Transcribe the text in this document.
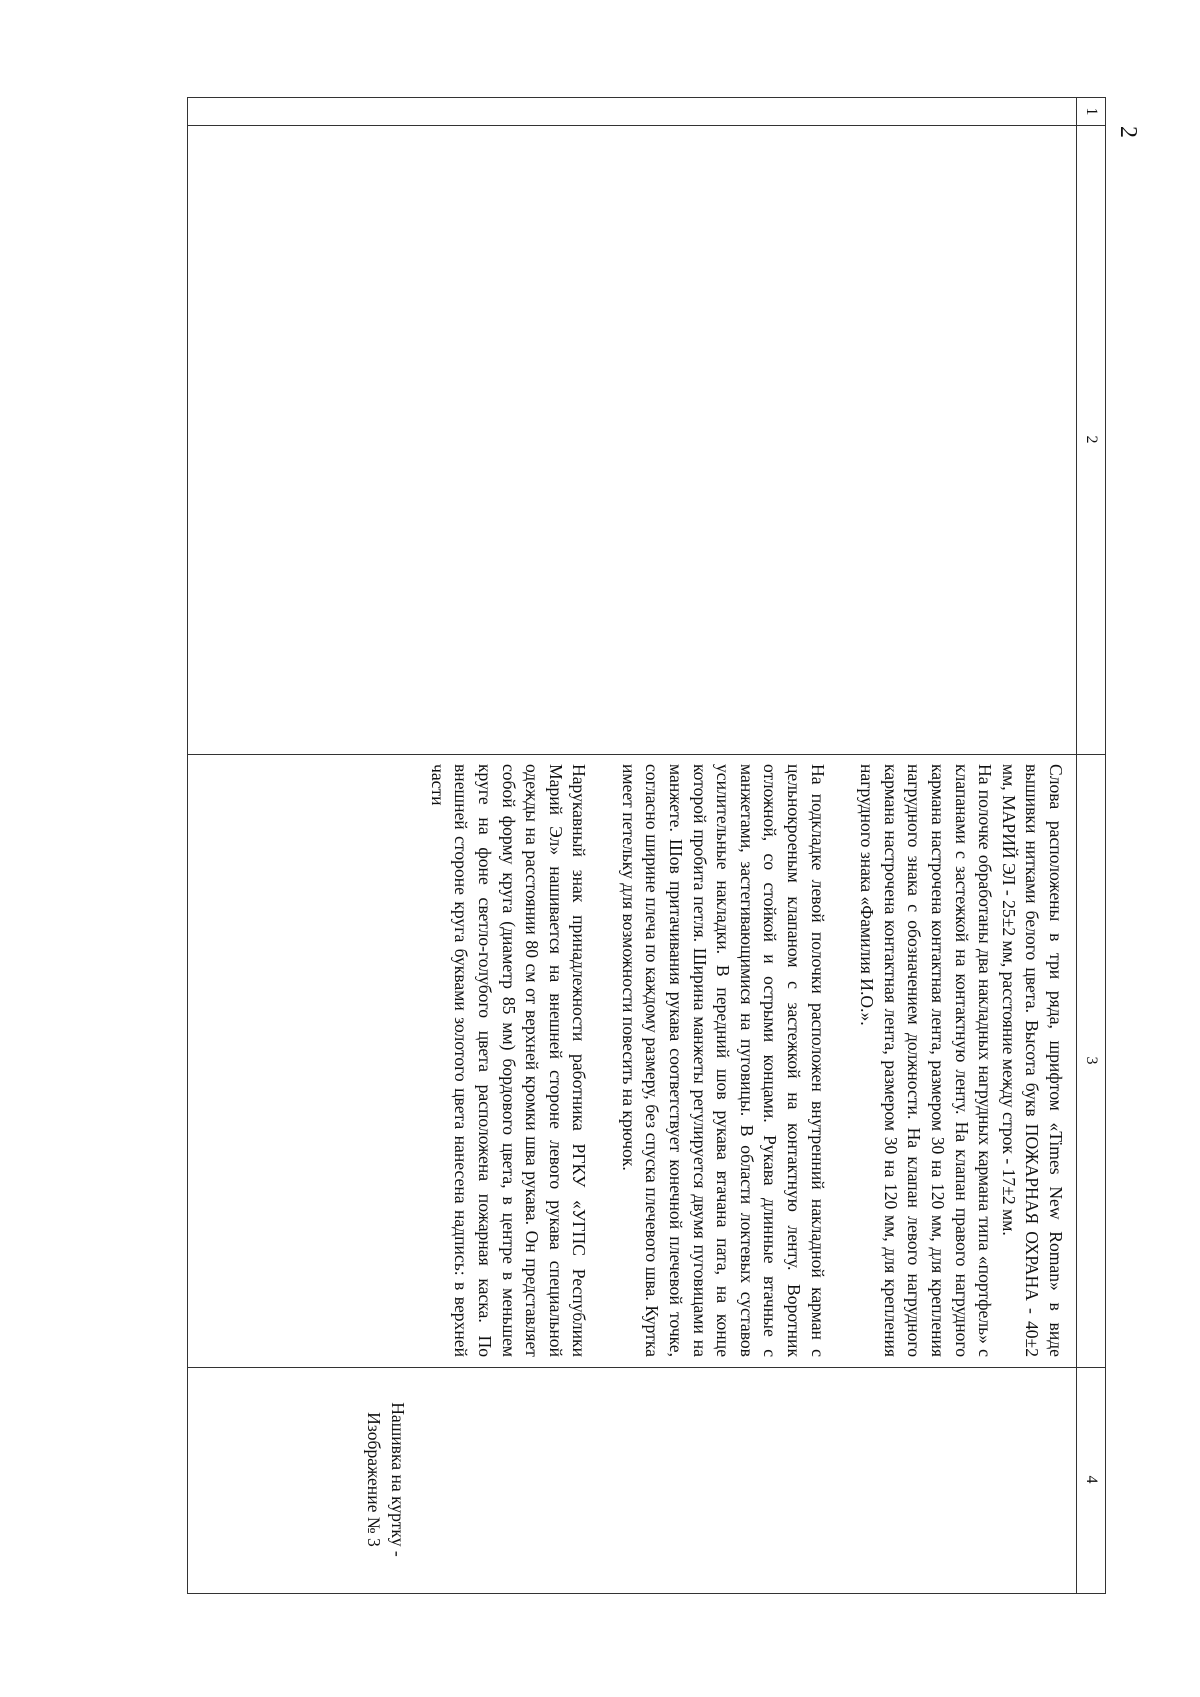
2
1
2
3
4

Слова расположены в три ряда, шрифтом «Times New Roman» в виде вышивки нитками белого цвета. Высота букв ПОЖАРНАЯ ОХРАНА - 40±2 мм, МАРИЙ ЭЛ - 25±2 мм, расстояние между строк - 17±2 мм.

На полочке обработаны два накладных нагрудных кармана типа «портфель» с клапанами с застежкой на контактную ленту. На клапан правого нагрудного кармана настрочена контактная лента, размером 30 на 120 мм, для крепления нагрудного знака с обозначением должности. На клапан левого нагрудного кармана настрочена контактная лента, размером 30 на 120 мм, для крепления нагрудного знака «Фамилия И.О.».

На подкладке левой полочки расположен внутренний накладной карман с цельнокроеным клапаном с застежкой на контактную ленту. Воротник отложной, со стойкой и острыми концами. Рукава длинные втачные с манжетами, застегивающимися на пуговицы. В области локтевых суставов усилительные накладки. В передний шов рукава втачана пата, на конце которой пробита петля. Ширина манжеты регулируется двумя пуговицами на манжете. Шов притачивания рукава соответствует конечной плечевой точке, согласно ширине плеча по каждому размеру, без спуска плечевого шва. Куртка имеет петельку для возможности повесить на крючок.

Нарукавный знак принадлежности работника РГКУ «УГПС Республики Марий Эл» нашивается на внешней стороне левого рукава специальной одежды на расстоянии 80 см от верхней кромки шва рукава. Он представляет собой форму круга (диаметр 85 мм) бордового цвета, в центре в меньшем круге на фоне светло-голубого цвета расположена пожарная каска. По внешней стороне круга буквами золотого цвета нанесена надпись: в верхней части

Нашивка на куртку - Изображение № 3
